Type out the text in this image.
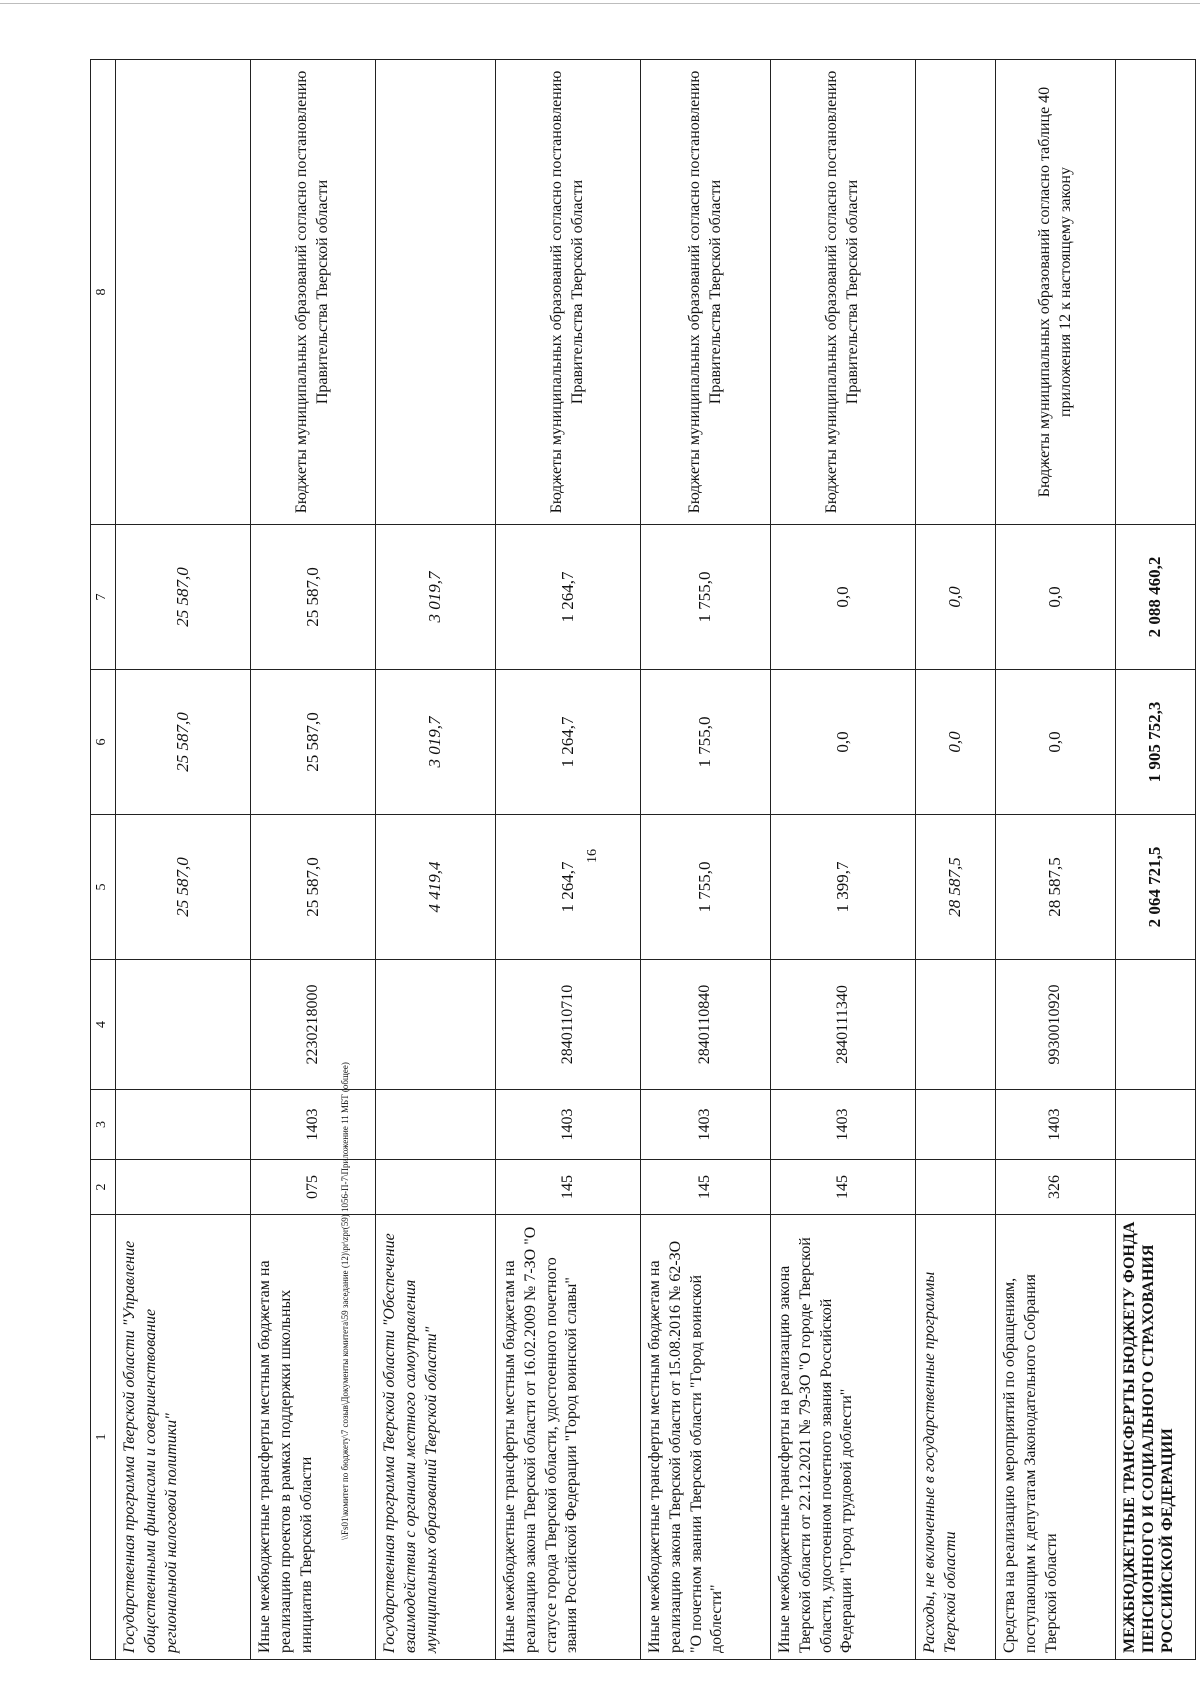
16
1	2	3	4	5	6	7	8
Государственная программа Тверской области "Управление общественными финансами и совершенствование региональной налоговой политики"				25 587,0	25 587,0	25 587,0	
Иные межбюджетные трансферты местным бюджетам на реализацию проектов в рамках поддержки школьных инициатив Тверской области	075	1403	2230218000	25 587,0	25 587,0	25 587,0	Бюджеты муниципальных образований согласно постановлению Правительства Тверской области
Государственная программа Тверской области "Обеспечение взаимодействия с органами местного самоуправления муниципальных образований Тверской области"				4 419,4	3 019,7	3 019,7	
Иные межбюджетные трансферты местным бюджетам на реализацию закона Тверской области от 16.02.2009 № 7-ЗО "О статусе города Тверской области, удостоенного почетного звания Российской Федерации "Город воинской славы"	145	1403	2840110710	1 264,7	1 264,7	1 264,7	Бюджеты муниципальных образований согласно постановлению Правительства Тверской области
Иные межбюджетные трансферты местным бюджетам на реализацию закона Тверской области от 15.08.2016 № 62-ЗО "О почетном звании Тверской области "Город воинской доблести"	145	1403	2840110840	1 755,0	1 755,0	1 755,0	Бюджеты муниципальных образований согласно постановлению Правительства Тверской области
Иные межбюджетные трансферты на реализацию закона Тверской области от 22.12.2021 № 79-ЗО "О городе Тверской области, удостоенном почетного звания Российской Федерации "Город трудовой доблести"	145	1403	2840111340	1 399,7	0,0	0,0	Бюджеты муниципальных образований согласно постановлению Правительства Тверской области
Расходы, не включенные в государственные программы Тверской области				28 587,5	0,0	0,0	
Средства на реализацию мероприятий по обращениям, поступающим к депутатам Законодательного Собрания Тверской области	326	1403	9930010920	28 587,5	0,0	0,0	Бюджеты муниципальных образований согласно таблице 40 приложения 12 к настоящему закону
МЕЖБЮДЖЕТНЫЕ ТРАНСФЕРТЫ БЮДЖЕТУ ФОНДА ПЕНСИОННОГО И СОЦИАЛЬНОГО СТРАХОВАНИЯ РОССИЙСКОЙ ФЕДЕРАЦИИ				2 064 721,5	1 905 752,3	2 088 460,2	
\\Fs01\комитет по бюджету\7 созыв\Документы комитета\59 заседание (12)\pr\zpr(59) 1056-П-7\Приложение 11 МБТ (общее)
